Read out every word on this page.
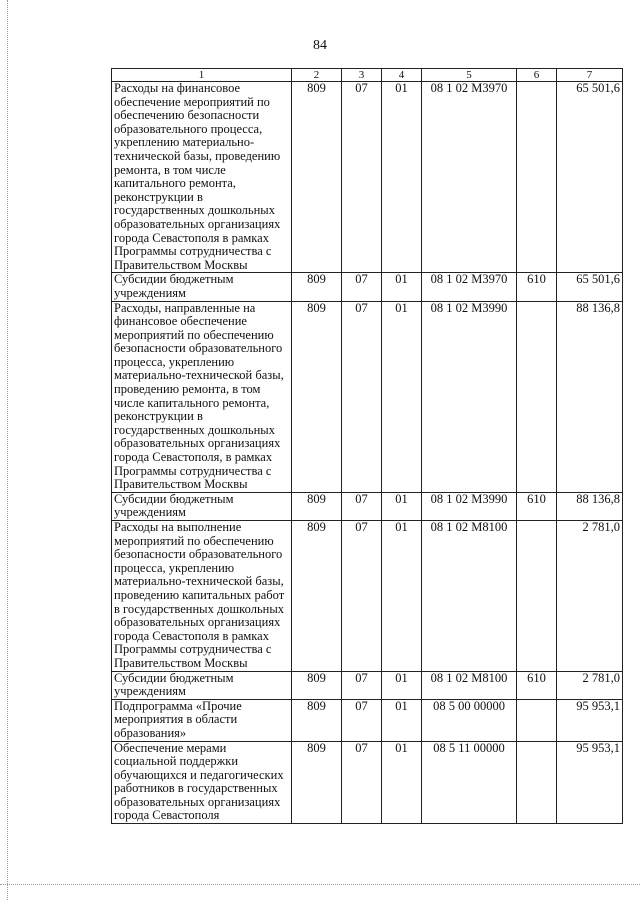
84
1	2	3	4	5	6	7
Расходы на финансовое обеспечение мероприятий по обеспечению безопасности образовательного процесса, укреплению материально-технической базы, проведению ремонта, в том числе капитального ремонта, реконструкции в государственных дошкольных образовательных организациях города Севастополя в рамках Программы сотрудничества с Правительством Москвы	809	07	01	08 1 02 М3970		65 501,6
Субсидии бюджетным учреждениям	809	07	01	08 1 02 М3970	610	65 501,6
Расходы, направленные на финансовое обеспечение мероприятий по обеспечению безопасности образовательного процесса, укреплению материально-технической базы, проведению ремонта, в том числе капитального ремонта, реконструкции в государственных дошкольных образовательных организациях города Севастополя, в рамках Программы сотрудничества с Правительством Москвы	809	07	01	08 1 02 М3990		88 136,8
Субсидии бюджетным учреждениям	809	07	01	08 1 02 М3990	610	88 136,8
Расходы на выполнение мероприятий по обеспечению безопасности образовательного процесса, укреплению материально-технической базы, проведению капитальных работ в государственных дошкольных образовательных организациях города Севастополя в рамках Программы сотрудничества с Правительством Москвы	809	07	01	08 1 02 М8100		2 781,0
Субсидии бюджетным учреждениям	809	07	01	08 1 02 М8100	610	2 781,0
Подпрограмма «Прочие мероприятия в области образования»	809	07	01	08 5 00 00000		95 953,1
Обеспечение мерами социальной поддержки обучающихся и педагогических работников в государственных образовательных организациях города Севастополя	809	07	01	08 5 11 00000		95 953,1
